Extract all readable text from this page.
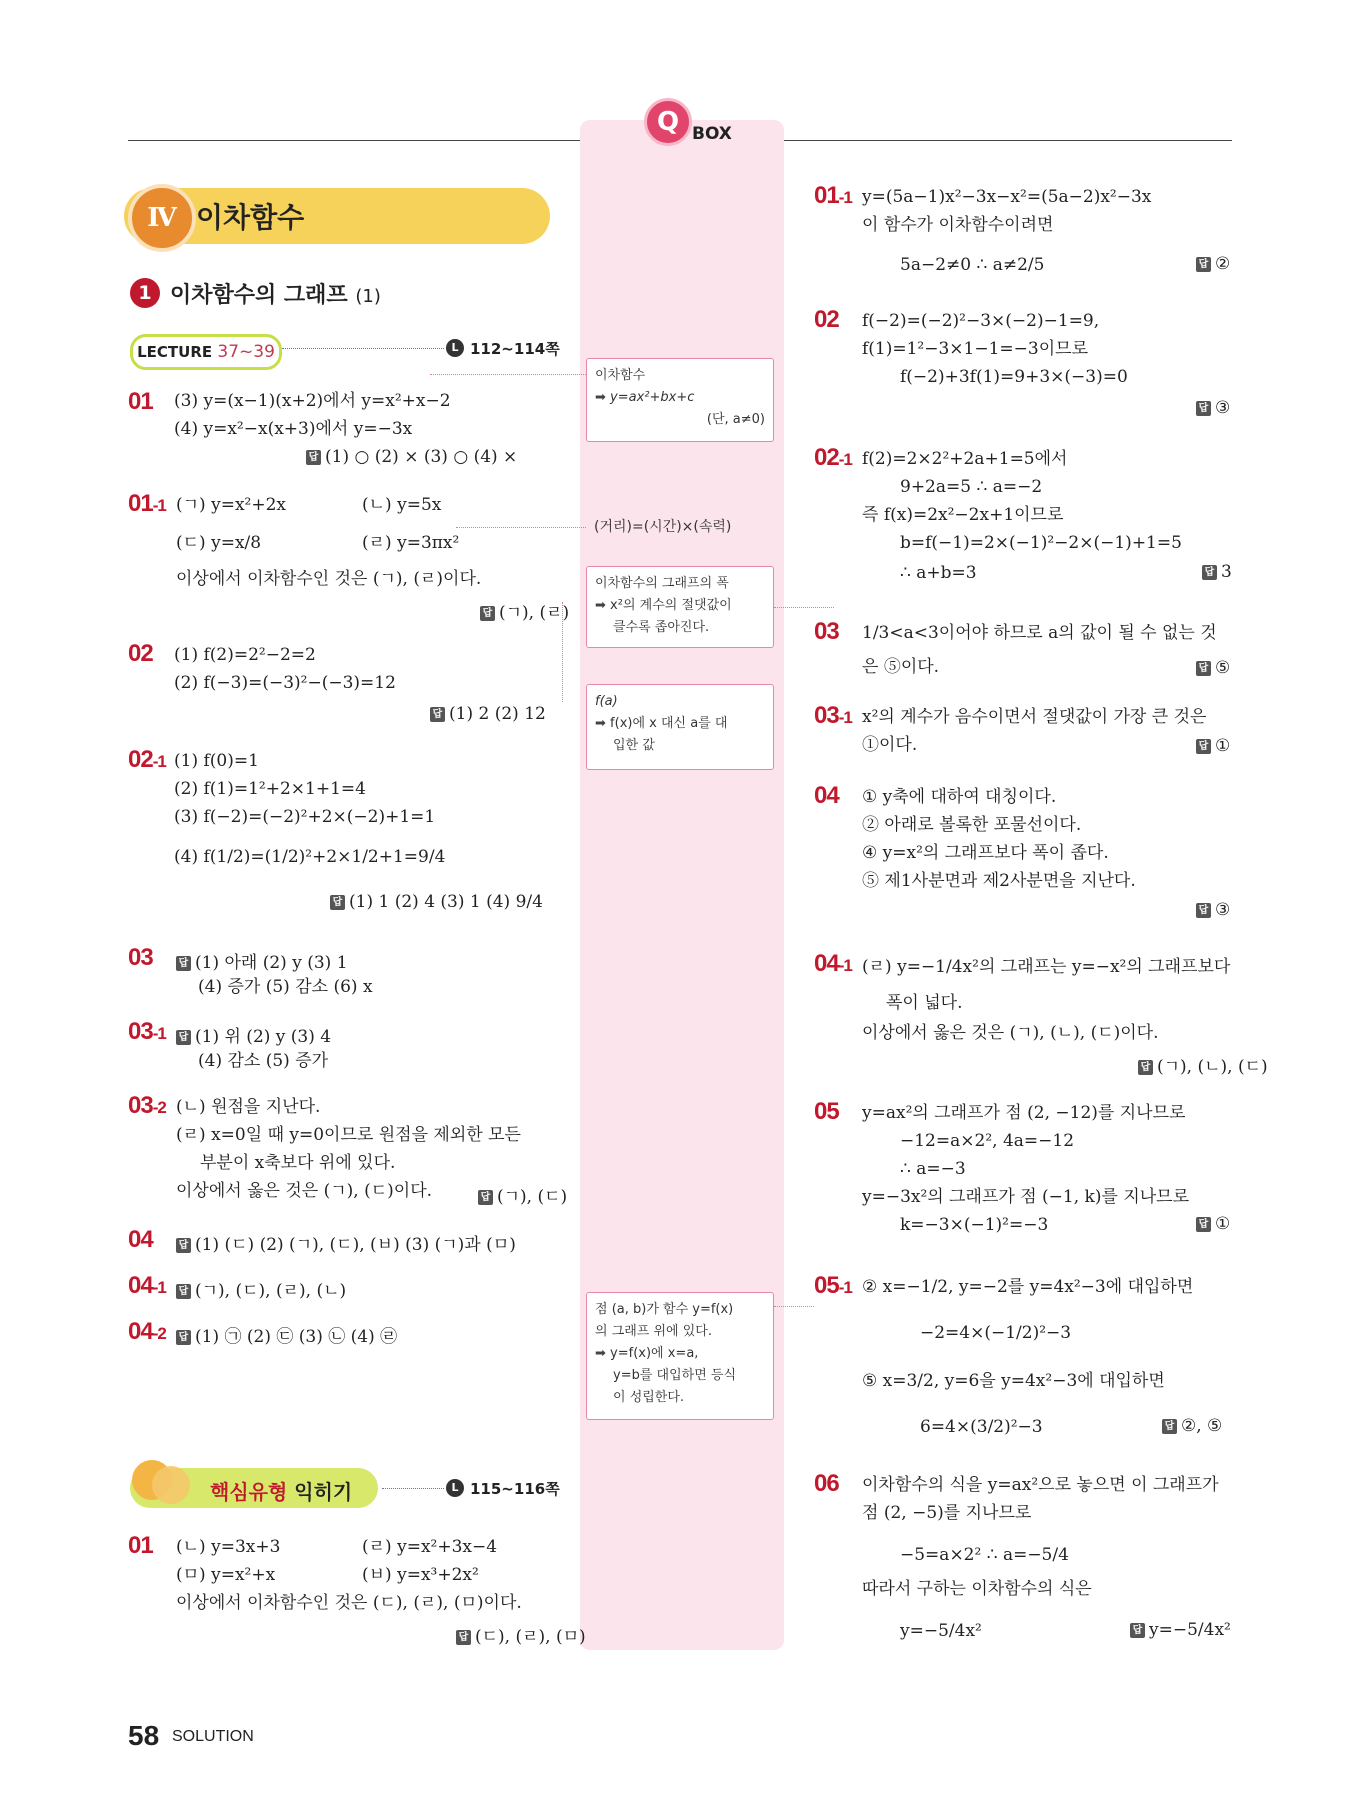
Q BOX
Ⅳ 이차함수
1 이차함수의 그래프 (1)
LECTURE 37~39	L 112~114쪽
01 (3) y=(x−1)(x+2)에서 y=x²+x−2
(4) y=x²−x(x+3)에서 y=−3x
답 (1) ○ (2) × (3) ○ (4) ×
01-1 (ㄱ) y=x²+2x	(ㄴ) y=5x
(ㄷ) y=x/8	(ㄹ) y=3πx²
이상에서 이차함수인 것은 (ㄱ), (ㄹ)이다.
답 (ㄱ), (ㄹ)
02 (1) f(2)=2²−2=2
(2) f(−3)=(−3)²−(−3)=12
답 (1) 2 (2) 12
02-1 (1) f(0)=1
(2) f(1)=1²+2×1+1=4
(3) f(−2)=(−2)²+2×(−2)+1=1
(4) f(1/2)=(1/2)²+2×1/2+1=9/4
답 (1) 1 (2) 4 (3) 1 (4) 9/4
03	답 (1) 아래 (2) y (3) 1
(4) 증가 (5) 감소 (6) x
03-1 답 (1) 위 (2) y (3) 4
(4) 감소 (5) 증가
03-2 (ㄴ) 원점을 지난다.
(ㄹ) x=0일 때 y=0이므로 원점을 제외한 모든
부분이 x축보다 위에 있다.
이상에서 옳은 것은 (ㄱ), (ㄷ)이다.	답 (ㄱ), (ㄷ)
04	답 (1) (ㄷ) (2) (ㄱ), (ㄷ), (ㅂ) (3) (ㄱ)과 (ㅁ)
04-1 답 (ㄱ), (ㄷ), (ㄹ), (ㄴ)
04-2 답 (1) ㉠ (2) ㉢ (3) ㉡ (4) ㉣
핵심유형 익히기	L 115~116쪽
01 (ㄴ) y=3x+3	(ㄹ) y=x²+3x−4
(ㅁ) y=x²+x	(ㅂ) y=x³+2x²
이상에서 이차함수인 것은 (ㄷ), (ㄹ), (ㅁ)이다.
답 (ㄷ), (ㄹ), (ㅁ)
이차함수
➡ y=ax²+bx+c
(단, a≠0)
(거리)=(시간)×(속력)
이차함수의 그래프의 폭
➡ x²의 계수의 절댓값이
클수록 좁아진다.
f(a)
➡ f(x)에 x 대신 a를 대
입한 값
점 (a, b)가 함수 y=f(x)
의 그래프 위에 있다.
➡ y=f(x)에 x=a,
y=b를 대입하면 등식
이 성립한다.
01-1 y=(5a−1)x²−3x−x²=(5a−2)x²−3x
이 함수가 이차함수이려면
5a−2≠0 ∴ a≠2/5	답 ②
02 f(−2)=(−2)²−3×(−2)−1=9,
f(1)=1²−3×1−1=−3이므로
f(−2)+3f(1)=9+3×(−3)=0
답 ③
02-1 f(2)=2×2²+2a+1=5에서
9+2a=5 ∴ a=−2
즉 f(x)=2x²−2x+1이므로
b=f(−1)=2×(−1)²−2×(−1)+1=5
∴ a+b=3	답 3
03 1/3<a<3이어야 하므로 a의 값이 될 수 없는 것
은 ⑤이다.	답 ⑤
03-1 x²의 계수가 음수이면서 절댓값이 가장 큰 것은
①이다.	답 ①
04 ① y축에 대하여 대칭이다.
② 아래로 볼록한 포물선이다.
④ y=x²의 그래프보다 폭이 좁다.
⑤ 제1사분면과 제2사분면을 지난다.
답 ③
04-1 (ㄹ) y=−1/4x²의 그래프는 y=−x²의 그래프보다
폭이 넓다.
이상에서 옳은 것은 (ㄱ), (ㄴ), (ㄷ)이다.
답 (ㄱ), (ㄴ), (ㄷ)
05 y=ax²의 그래프가 점 (2, −12)를 지나므로
−12=a×2², 4a=−12
∴ a=−3
y=−3x²의 그래프가 점 (−1, k)를 지나므로
k=−3×(−1)²=−3	답 ①
05-1 ② x=−1/2, y=−2를 y=4x²−3에 대입하면
−2=4×(−1/2)²−3
⑤ x=3/2, y=6을 y=4x²−3에 대입하면
6=4×(3/2)²−3	답 ②, ⑤
06 이차함수의 식을 y=ax²으로 놓으면 이 그래프가
점 (2, −5)를 지나므로
−5=a×2² ∴ a=−5/4
따라서 구하는 이차함수의 식은
y=−5/4x²	답 y=−5/4x²
58 SOLUTION
